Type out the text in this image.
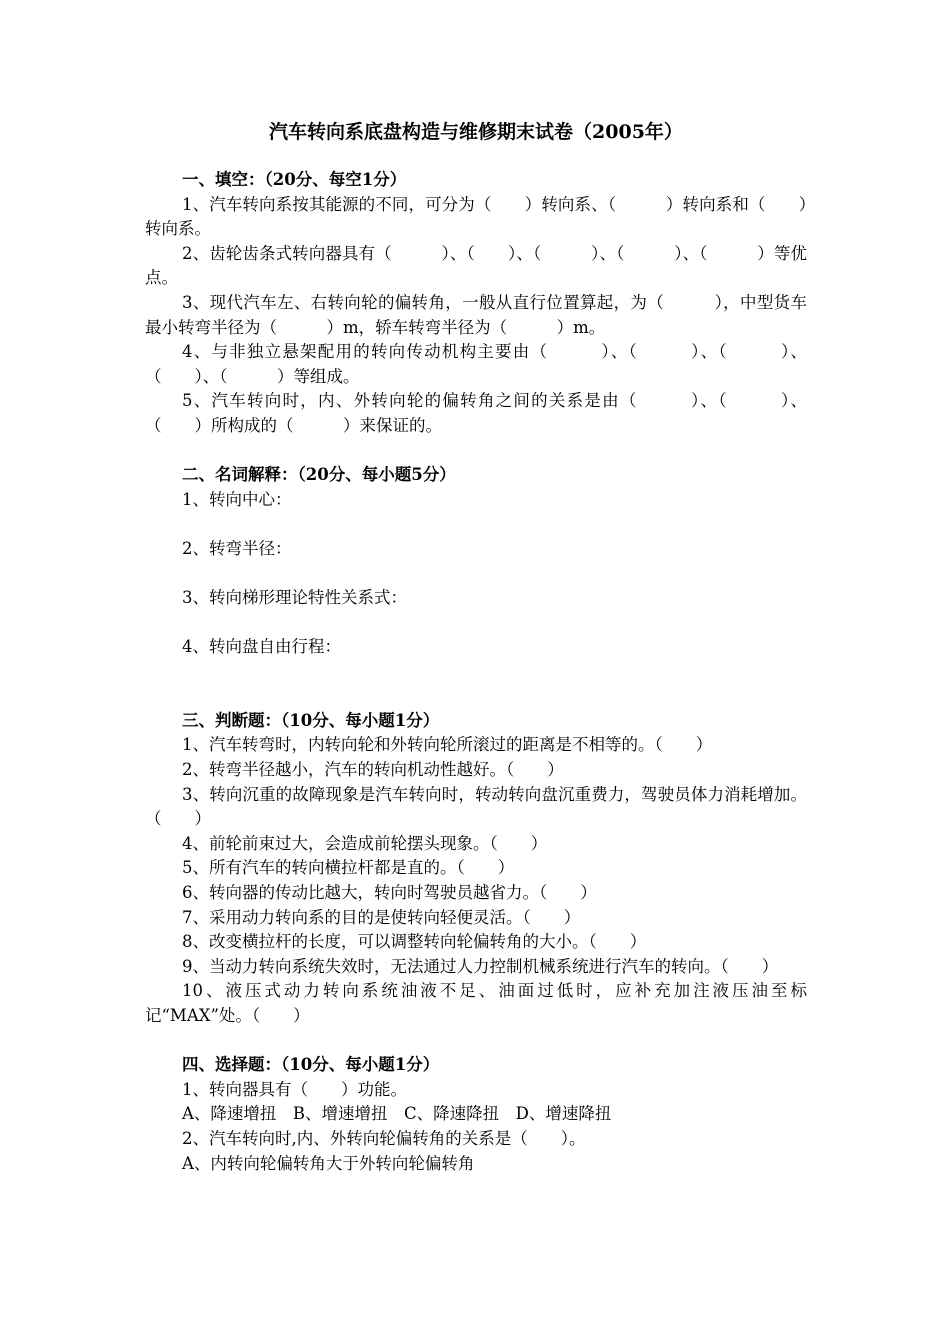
汽车转向系底盘构造与维修期末试卷（2005年）

一、填空：（20分、每空1分）

1、汽车转向系按其能源的不同，可分为（　　）转向系、（　　　）转向系和（　　）转向系。

2、齿轮齿条式转向器具有（　　　）、（　　）、（　　　）、（　　　）、（　　　）等优点。

3、现代汽车左、右转向轮的偏转角，一般从直行位置算起，为（　　　），中型货车最小转弯半径为（　　　）m，轿车转弯半径为（　　　）m。

4、与非独立悬架配用的转向传动机构主要由（　　　）、（　　　）、（　　　）、（　　）、（　　　）等组成。

5、汽车转向时，内、外转向轮的偏转角之间的关系是由（　　　）、（　　　）、（　　）所构成的（　　　）来保证的。

二、名词解释：（20分、每小题5分）

1、转向中心：

2、转弯半径：

3、转向梯形理论特性关系式：

4、转向盘自由行程：

三、判断题：（10分、每小题1分）

1、汽车转弯时，内转向轮和外转向轮所滚过的距离是不相等的。（　　）

2、转弯半径越小，汽车的转向机动性越好。（　　）

3、转向沉重的故障现象是汽车转向时，转动转向盘沉重费力，驾驶员体力消耗增加。（　　）

4、前轮前束过大，会造成前轮摆头现象。（　　）

5、所有汽车的转向横拉杆都是直的。（　　）

6、转向器的传动比越大，转向时驾驶员越省力。（　　）

7、采用动力转向系的目的是使转向轻便灵活。（　　）

8、改变横拉杆的长度，可以调整转向轮偏转角的大小。（　　）

9、当动力转向系统失效时，无法通过人力控制机械系统进行汽车的转向。（　　）

10、液压式动力转向系统油液不足、油面过低时，应补充加注液压油至标记“MAX”处。（　　）

四、选择题：（10分、每小题1分）

1、转向器具有（　　）功能。

A、降速增扭　B、增速增扭　C、降速降扭　D、增速降扭

2、汽车转向时,内、外转向轮偏转角的关系是（　　）。

A、内转向轮偏转角大于外转向轮偏转角
